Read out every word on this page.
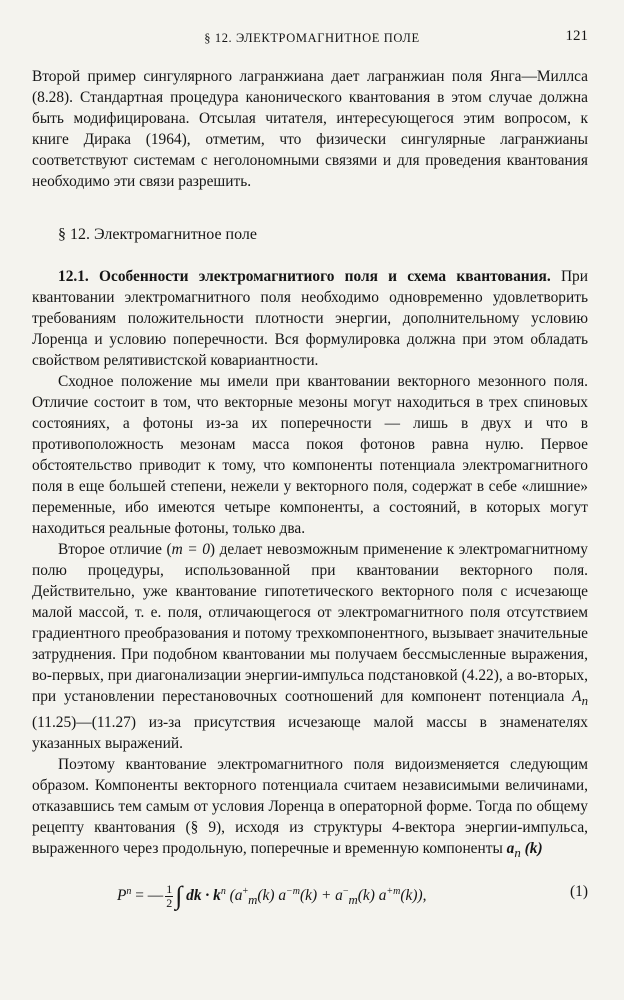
§ 12. ЭЛЕКТРОМАГНИТНОЕ ПОЛЕ	121

Второй пример сингулярного лагранжиана дает лагранжиан поля Янга—Миллса (8.28). Стандартная процедура канонического квантования в этом случае должна быть модифицирована. Отсылая читателя, интересующегося этим вопросом, к книге Дирака (1964), отметим, что физически сингулярные лагранжианы соответствуют системам с неголономными связями и для проведения квантования необходимо эти связи разрешить.

§ 12. Электромагнитное поле

12.1. Особенности электромагнитиого поля и схема квантования. При квантовании электромагнитного поля необходимо одновременно удовлетворить требованиям положительности плотности энергии, дополнительному условию Лоренца и условию поперечности. Вся формулировка должна при этом обладать свойством релятивистской ковариантности.

Сходное положение мы имели при квантовании векторного мезонного поля. Отличие состоит в том, что векторные мезоны могут находиться в трех спиновых состояниях, а фотоны из-за их поперечности — лишь в двух и что в противоположность мезонам масса покоя фотонов равна нулю. Первое обстоятельство приводит к тому, что компоненты потенциала электромагнитного поля в еще большей степени, нежели у векторного поля, содержат в себе «лишние» переменные, ибо имеются четыре компоненты, а состояний, в которых могут находиться реальные фотоны, только два.

Второе отличие (m = 0) делает невозможным применение к электромагнитному полю процедуры, использованной при квантовании векторного поля. Действительно, уже квантование гипотетического векторного поля с исчезающе малой массой, т. е. поля, отличающегося от электромагнитного поля отсутствием градиентного преобразования и потому трехкомпонентного, вызывает значительные затруднения. При подобном квантовании мы получаем бессмысленные выражения, во-первых, при диагонализации энергии-импульса подстановкой (4.22), а во-вторых, при установлении перестановочных соотношений для компонент потенциала $A_n$ (11.25)—(11.27) из-за присутствия исчезающе малой массы в знаменателях указанных выражений.

Поэтому квантование электромагнитного поля видоизменяется следующим образом. Компоненты векторного потенциала считаем независимыми величинами, отказавшись тем самым от условия Лоренца в операторной форме. Тогда по общему рецепту квантования (§ 9), исходя из структуры 4-вектора энергии-импульса, выраженного через продольную, поперечные и временную компоненты $a_n$ (k)

$P^n$ = — $\frac{1}{2}$ ∫ dk · $k^n$ ($a^+_m(k) a^{-m}(k) + a^-_m(k)$ $a^{+m}(k)$),	(1)
